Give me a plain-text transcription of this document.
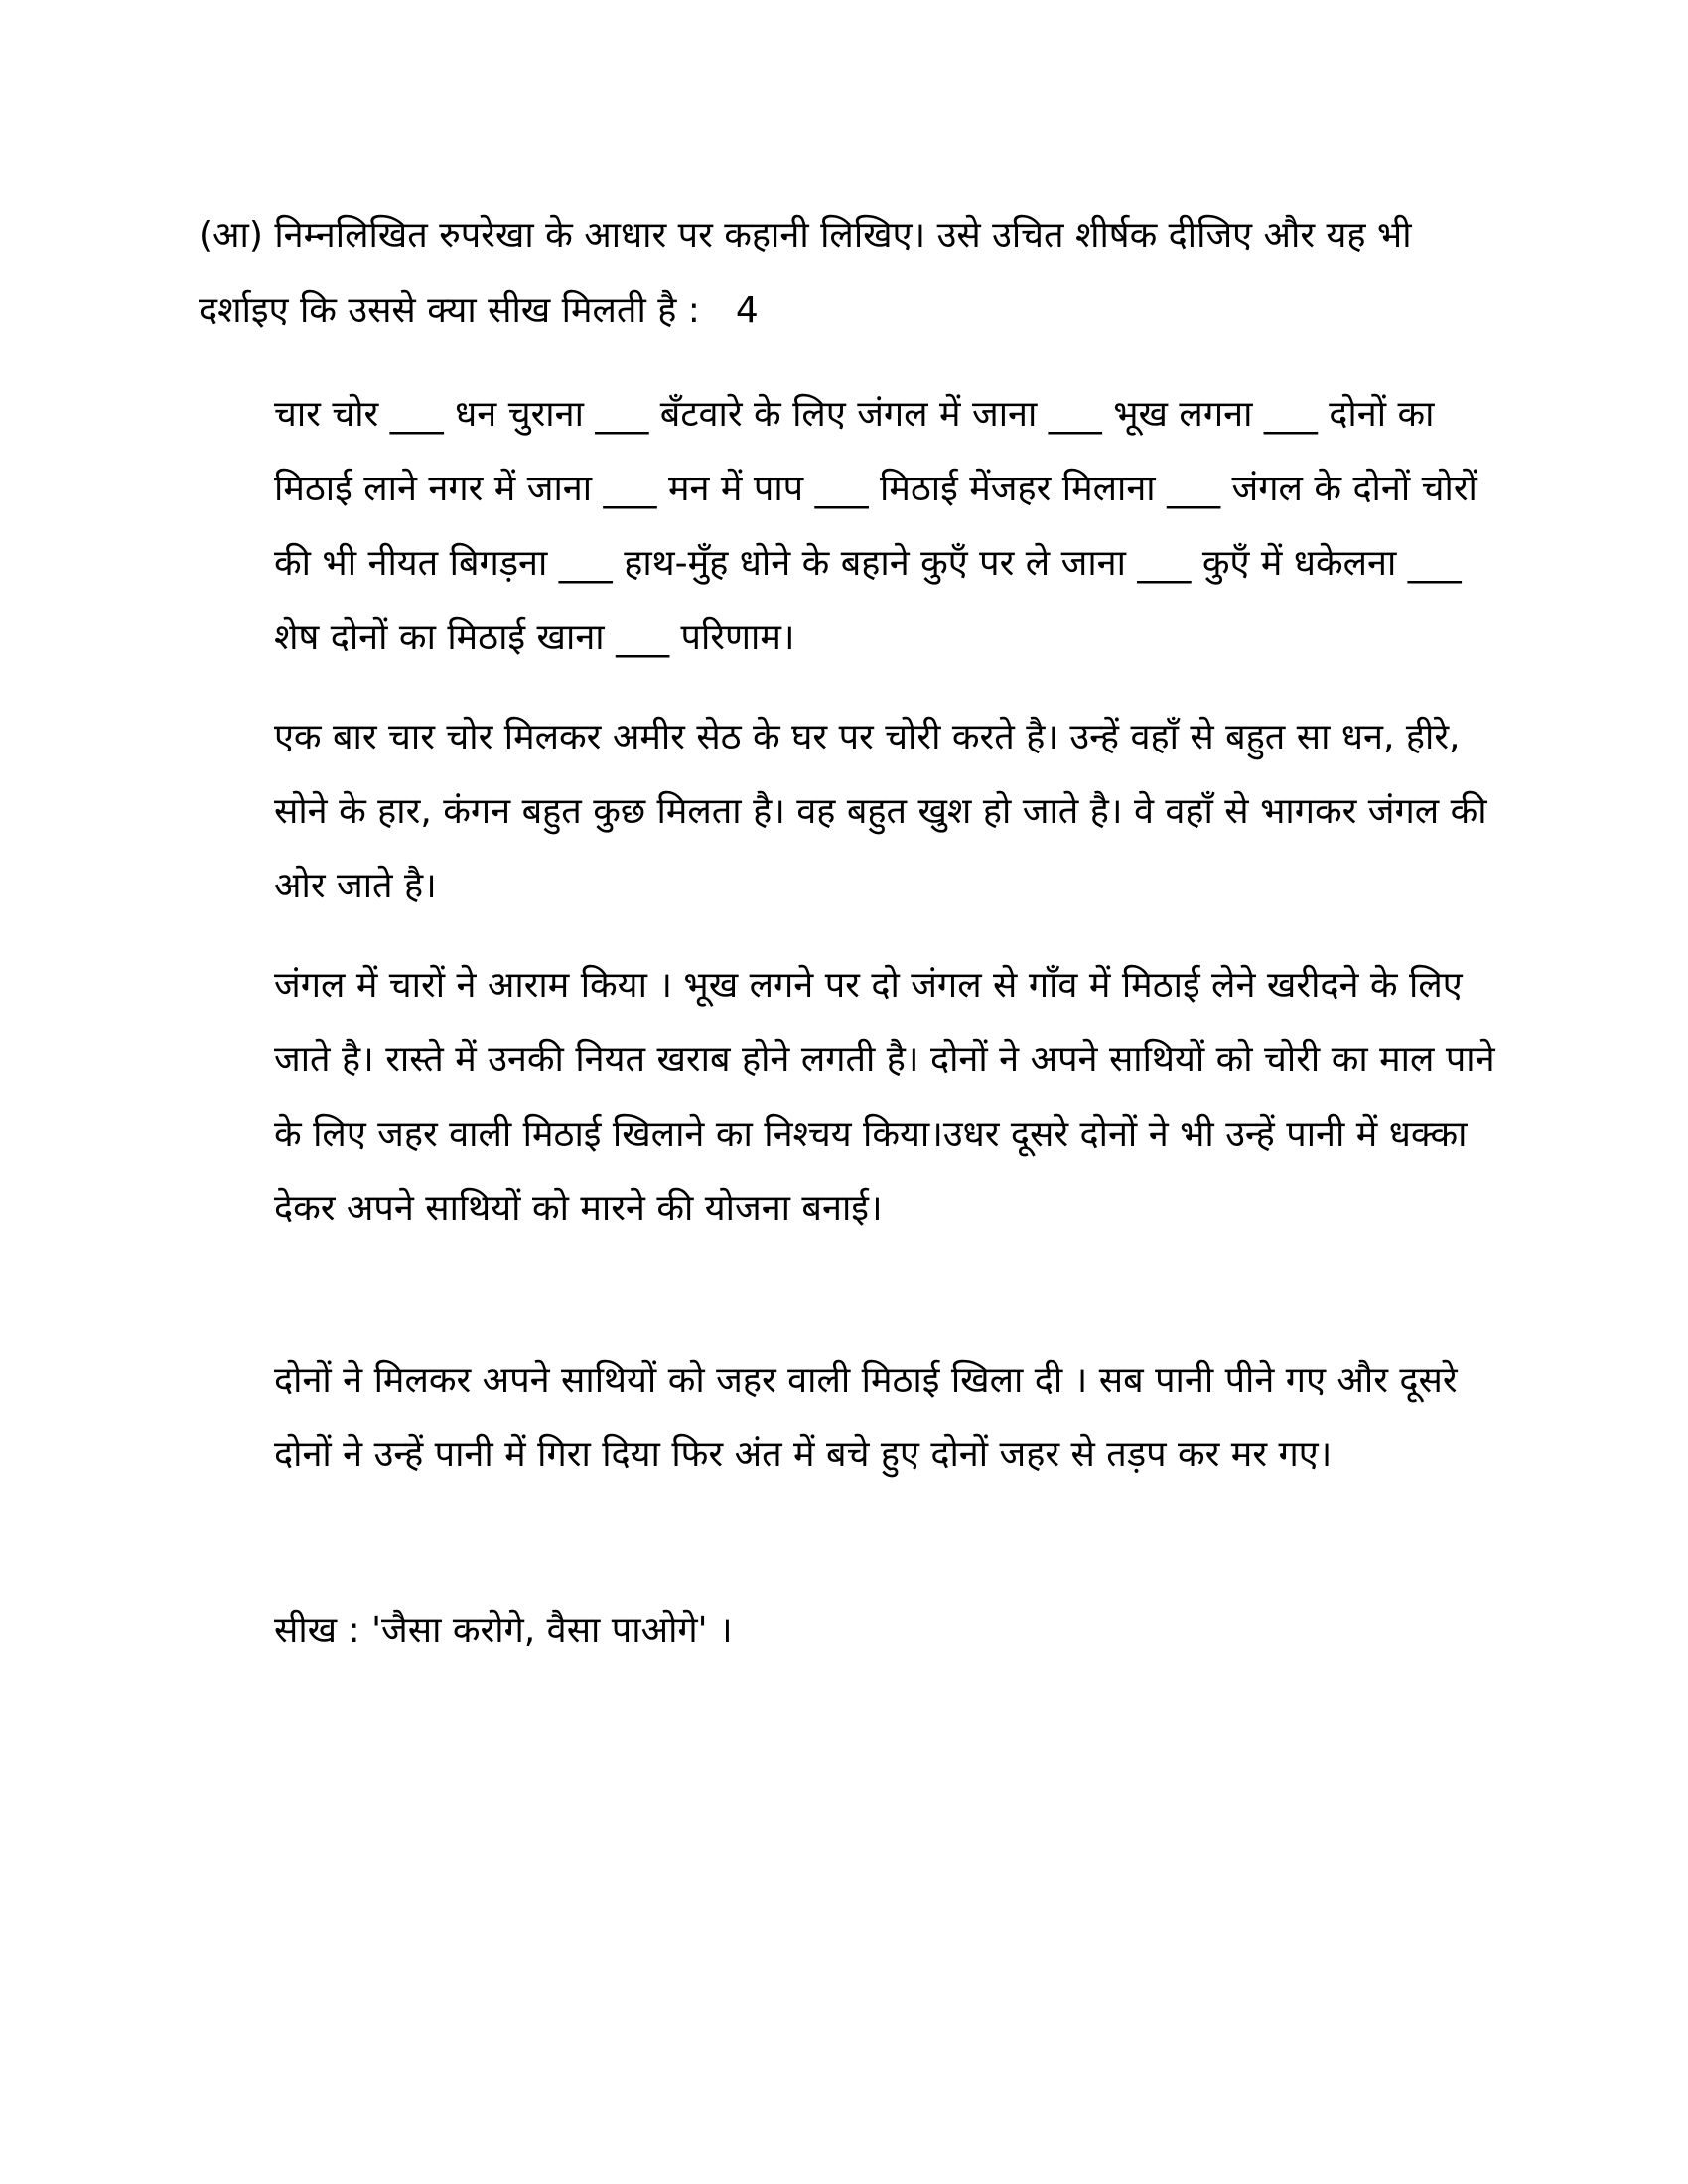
(आ) निम्नलिखित रुपरेखा के आधार पर कहानी लिखिए। उसे उचित शीर्षक दीजिए और यह भी दर्शाइए कि उससे क्या सीख मिलती है : 4
चार चोर ___ धन चुराना ___ बँटवारे के लिए जंगल में जाना ___ भूख लगना ___ दोनों का मिठाई लाने नगर में जाना ___ मन में पाप ___ मिठाई मेंजहर मिलाना ___ जंगल के दोनों चोरों की भी नीयत बिगड़ना ___ हाथ-मुँह धोने के बहाने कुएँ पर ले जाना ___ कुएँ में धकेलना ___ शेष दोनों का मिठाई खाना ___ परिणाम।

एक बार चार चोर मिलकर अमीर सेठ के घर पर चोरी करते है। उन्हें वहाँ से बहुत सा धन, हीरे, सोने के हार, कंगन बहुत कुछ मिलता है। वह बहुत खुश हो जाते है। वे वहाँ से भागकर जंगल की ओर जाते है।

जंगल में चारों ने आराम किया । भूख लगने पर दो जंगल से गाँव में मिठाई लेने खरीदने के लिए जाते है। रास्ते में उनकी नियत खराब होने लगती है। दोनों ने अपने साथियों को चोरी का माल पाने के लिए जहर वाली मिठाई खिलाने का निश्चय किया।उधर दूसरे दोनों ने भी उन्हें पानी में धक्का देकर अपने साथियों को मारने की योजना बनाई।

दोनों ने मिलकर अपने साथियों को जहर वाली मिठाई खिला दी । सब पानी पीने गए और दूसरे दोनों ने उन्हें पानी में गिरा दिया फिर अंत में बचे हुए दोनों जहर से तड़प कर मर गए।

सीख : 'जैसा करोगे, वैसा पाओगे' ।
